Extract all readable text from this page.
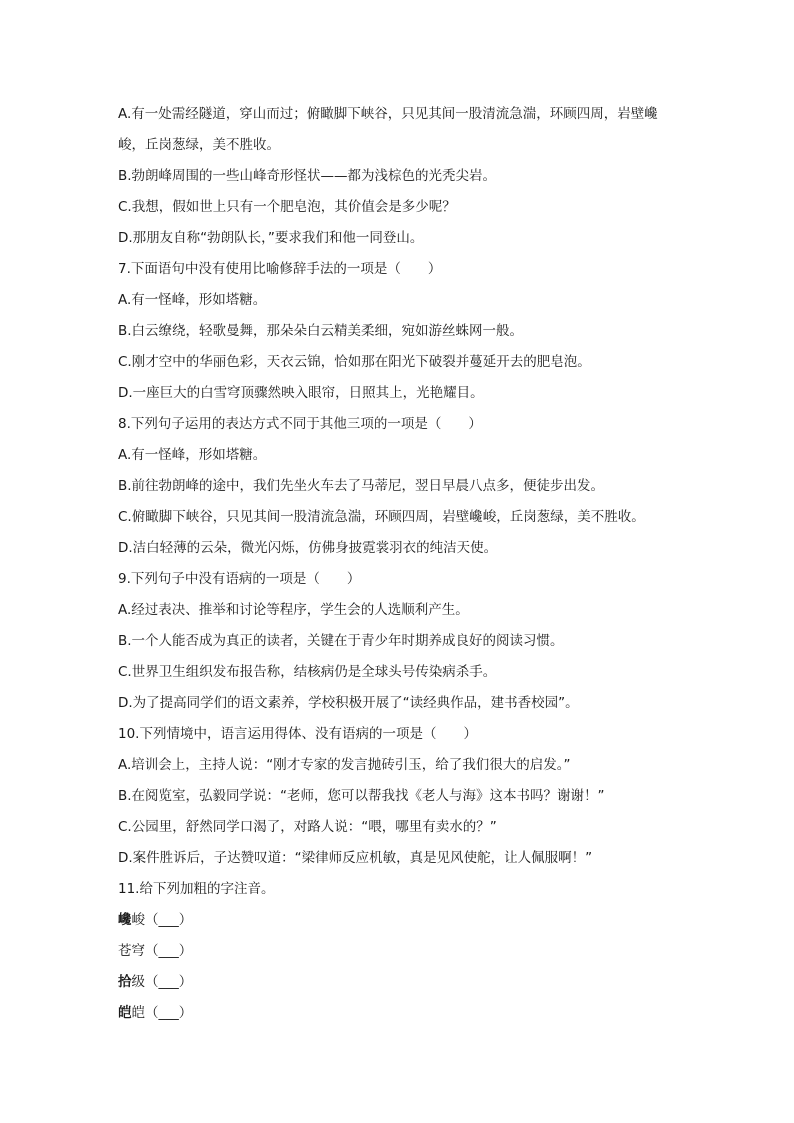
A.有一处需经隧道，穿山而过；俯瞰脚下峡谷，只见其间一股清流急湍，环顾四周，岩壁巉
峻，丘岗葱绿，美不胜收。
B.勃朗峰周围的一些山峰奇形怪状——都为浅棕色的光秃尖岩。
C.我想，假如世上只有一个肥皂泡，其价值会是多少呢？
D.那朋友自称“勃朗队长，”要求我们和他一同登山。
7.下面语句中没有使用比喻修辞手法的一项是（　　）
A.有一怪峰，形如塔糖。
B.白云缭绕，轻歌曼舞，那朵朵白云精美柔细，宛如游丝蛛网一般。
C.刚才空中的华丽色彩，天衣云锦，恰如那在阳光下破裂并蔓延开去的肥皂泡。
D.一座巨大的白雪穹顶骤然映入眼帘，日照其上，光艳耀目。
8.下列句子运用的表达方式不同于其他三项的一项是（　　）
A.有一怪峰，形如塔糖。
B.前往勃朗峰的途中，我们先坐火车去了马蒂尼，翌日早晨八点多，便徒步出发。
C.俯瞰脚下峡谷，只见其间一股清流急湍，环顾四周，岩壁巉峻，丘岗葱绿，美不胜收。
D.洁白轻薄的云朵，微光闪烁，仿佛身披霓裳羽衣的纯洁天使。
9.下列句子中没有语病的一项是（　　）
A.经过表决、推举和讨论等程序，学生会的人选顺利产生。
B.一个人能否成为真正的读者，关键在于青少年时期养成良好的阅读习惯。
C.世界卫生组织发布报告称，结核病仍是全球头号传染病杀手。
D.为了提高同学们的语文素养，学校积极开展了“读经典作品，建书香校园”。
10.下列情境中，语言运用得体、没有语病的一项是（　　）
A.培训会上，主持人说：“刚才专家的发言抛砖引玉，给了我们很大的启发。”
B.在阅览室，弘毅同学说：“老师，您可以帮我找《老人与海》这本书吗？谢谢！”
C.公园里，舒然同学口渴了，对路人说：“喂，哪里有卖水的？”
D.案件胜诉后，子达赞叹道：“梁律师反应机敏，真是见风使舵，让人佩服啊！”
11.给下列加粗的字注音。
巉峻（___）
苍穹（___）
拾级（___）
皑皑（___）
